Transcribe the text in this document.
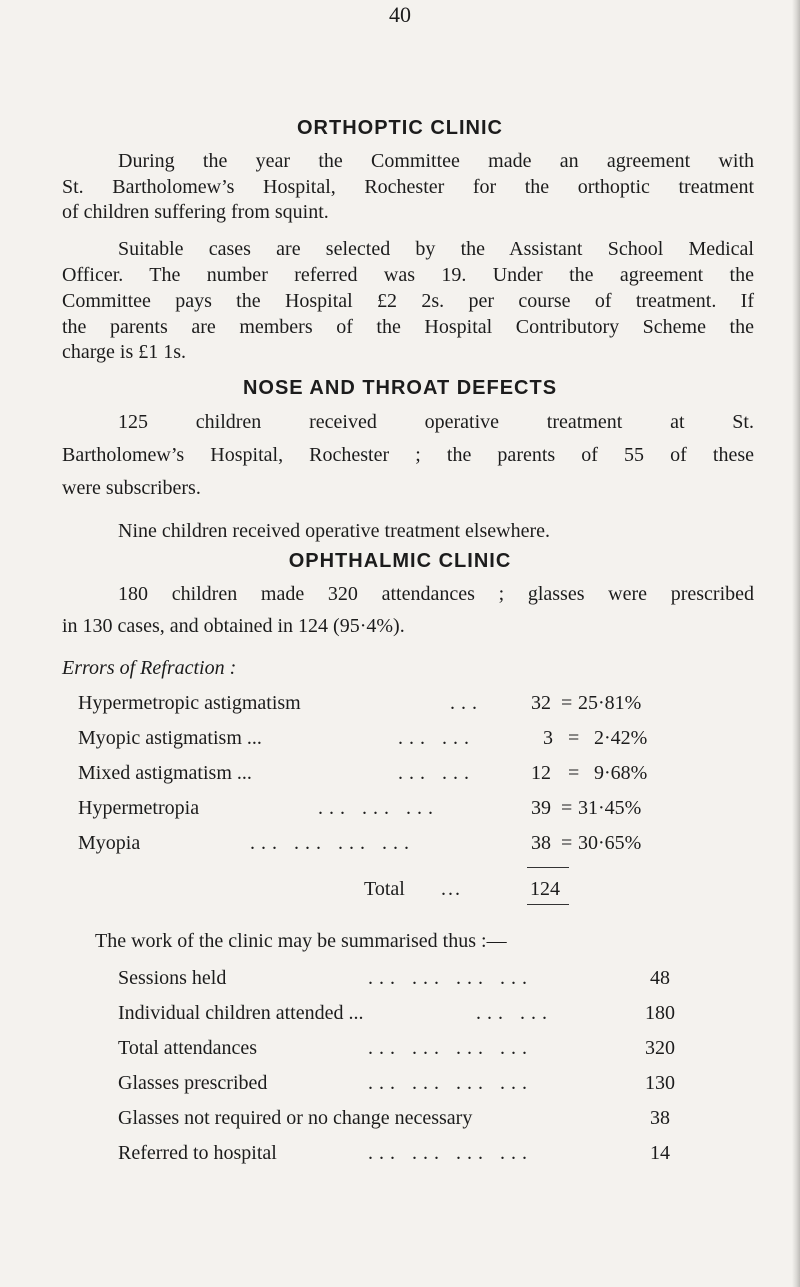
40
ORTHOPTIC CLINIC
During the year the Committee made an agreement with
St. Bartholomew’s Hospital, Rochester for the orthoptic treatment
of children suffering from squint.
Suitable cases are selected by the Assistant School Medical
Officer. The number referred was 19. Under the agreement the
Committee pays the Hospital £2 2s. per course of treatment. If
the parents are members of the Hospital Contributory Scheme the
charge is £1 1s.
NOSE AND THROAT DEFECTS
125 children received operative treatment at St.
Bartholomew’s Hospital, Rochester ; the parents of 55 of these
were subscribers.
Nine children received operative treatment elsewhere.
OPHTHALMIC CLINIC
180 children made 320 attendances ; glasses were prescribed
in 130 cases, and obtained in 124 (95·4%).
Errors of Refraction :
Hypermetropic astigmatism	... 32 = 25·81%
Myopic astigmatism ...	... ...	3 = 2·42%
Mixed astigmatism ...	... ...	12 = 9·68%
Hypermetropia	... ... ...	39 = 31·45%
Myopia	... ... ... ...	38 = 30·65%
Total ...	124
The work of the clinic may be summarised thus :—
Sessions held	... ... ... ...	48
Individual children attended ...	... ...	180
Total attendances	... ... ... ...	320
Glasses prescribed	... ... ... ...	130
Glasses not required or no change necessary	38
Referred to hospital	... ... ... ...	14
